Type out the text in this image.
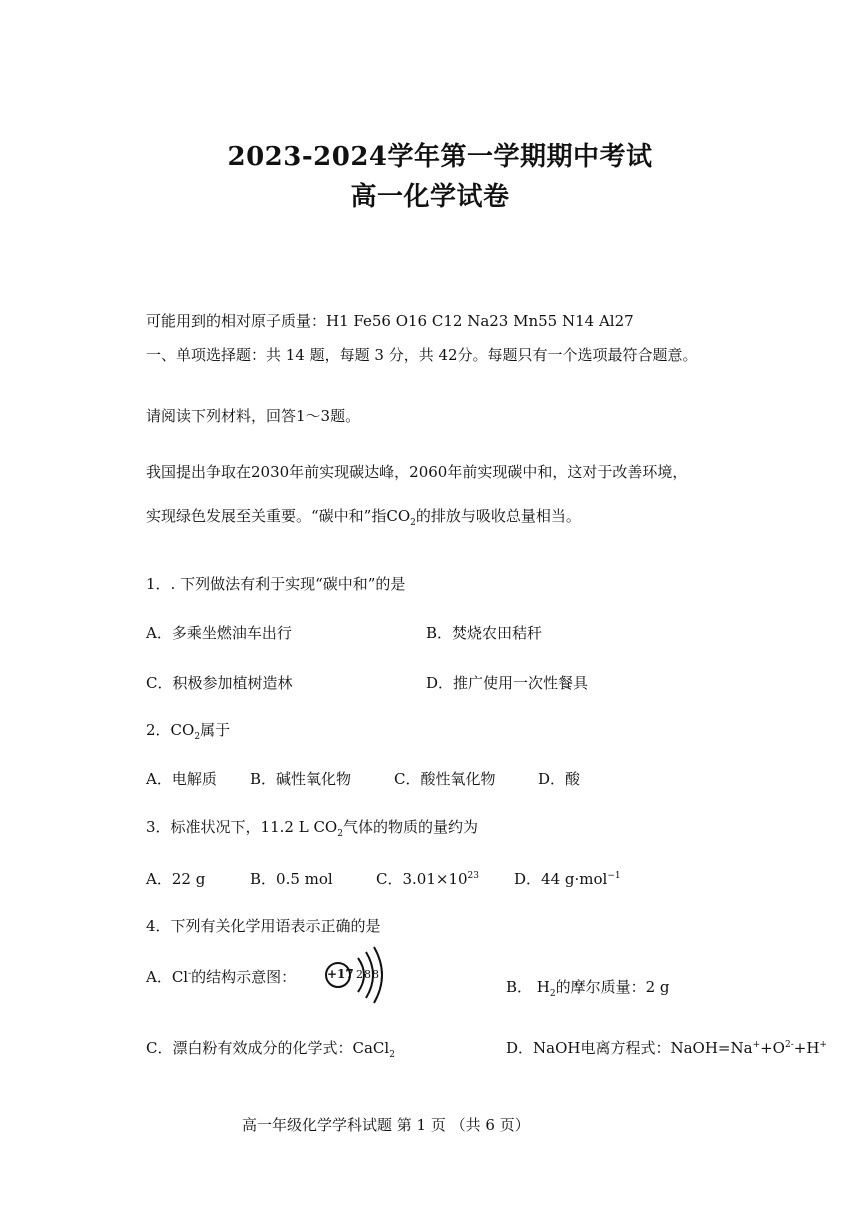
2023-2024学年第一学期期中考试
高一化学试卷
可能用到的相对原子质量：H1 Fe56 O16 C12 Na23 Mn55 N14 Al27
一、单项选择题：共 14 题，每题 3 分，共 42分。每题只有一个选项最符合题意。
请阅读下列材料，回答1～3题。
我国提出争取在2030年前实现碳达峰，2060年前实现碳中和，这对于改善环境，
实现绿色发展至关重要。“碳中和”指$CO_2$的排放与吸收总量相当。
1．. 下列做法有利于实现“碳中和”的是
A．多乘坐燃油车出行	B．焚烧农田秸秆
C．积极参加植树造林	D．推广使用一次性餐具
2．$CO_2$属于
A．电解质 B．碱性氧化物	C．酸性氧化物	D．酸
3．标准状况下，11.2 L $CO_2$气体的物质的量约为
A．22 g	B．0.5 mol	C．$3.01\times 10^{23}$ D．44 g·mol$^{-1}$
4．下列有关化学用语表示正确的是
A．Cl-的结构示意图：	+17 2 8 8
B． $H_2$的摩尔质量：2 g
C．漂白粉有效成分的化学式：CaCl$_2$	D．NaOH电离方程式：$NaOH=Na^++O^{2-}+H^+$
高一年级化学学科试题 第 1 页 （共 6 页）
